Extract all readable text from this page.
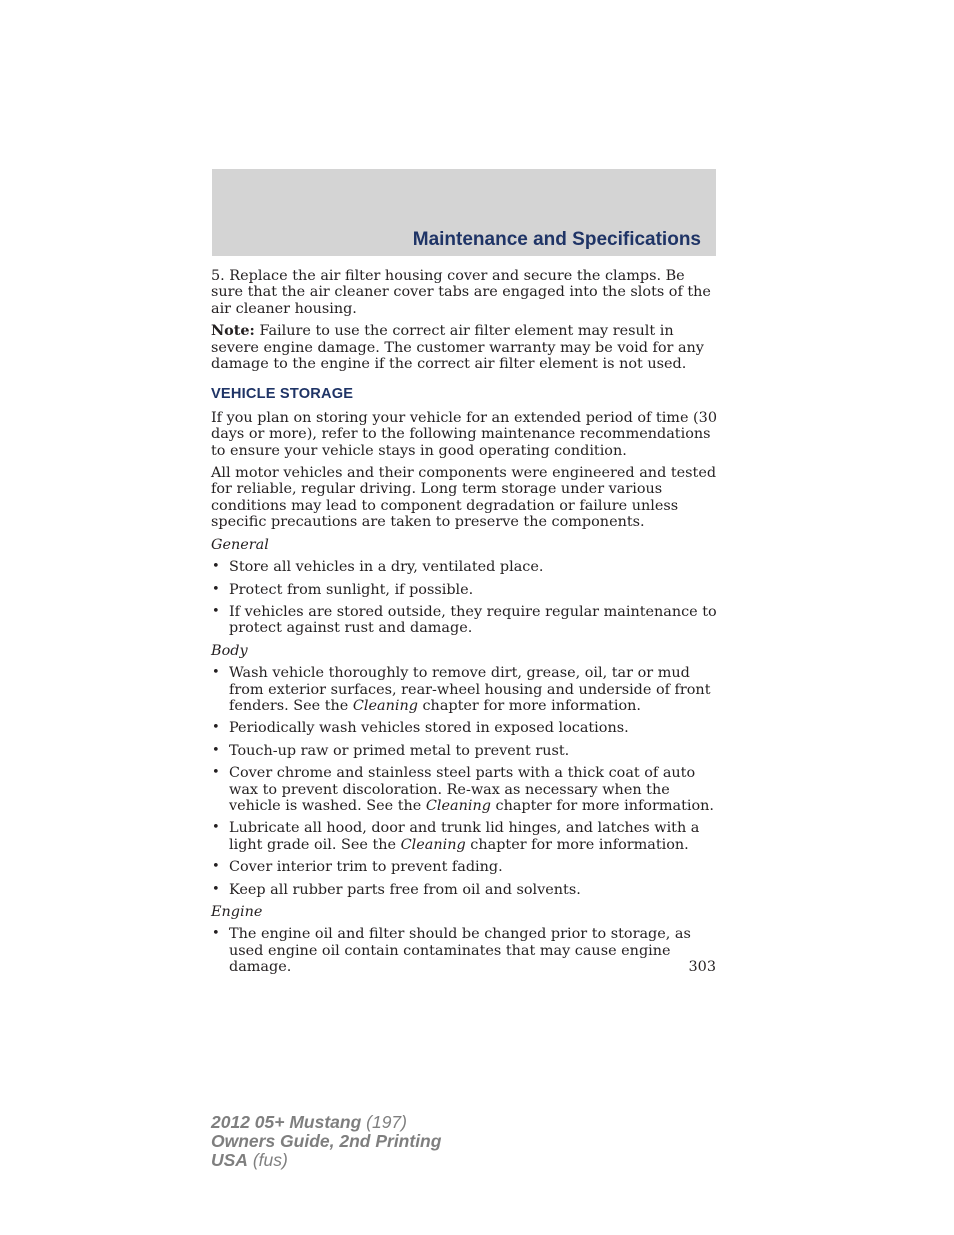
Maintenance and Specifications

5. Replace the air filter housing cover and secure the clamps. Be sure that the air cleaner cover tabs are engaged into the slots of the air cleaner housing.

Note: Failure to use the correct air filter element may result in severe engine damage. The customer warranty may be void for any damage to the engine if the correct air filter element is not used.

VEHICLE STORAGE

If you plan on storing your vehicle for an extended period of time (30 days or more), refer to the following maintenance recommendations to ensure your vehicle stays in good operating condition.

All motor vehicles and their components were engineered and tested for reliable, regular driving. Long term storage under various conditions may lead to component degradation or failure unless specific precautions are taken to preserve the components.

General

• Store all vehicles in a dry, ventilated place.
• Protect from sunlight, if possible.
• If vehicles are stored outside, they require regular maintenance to protect against rust and damage.

Body

• Wash vehicle thoroughly to remove dirt, grease, oil, tar or mud from exterior surfaces, rear-wheel housing and underside of front fenders. See the Cleaning chapter for more information.
• Periodically wash vehicles stored in exposed locations.
• Touch-up raw or primed metal to prevent rust.
• Cover chrome and stainless steel parts with a thick coat of auto wax to prevent discoloration. Re-wax as necessary when the vehicle is washed. See the Cleaning chapter for more information.
• Lubricate all hood, door and trunk lid hinges, and latches with a light grade oil. See the Cleaning chapter for more information.
• Cover interior trim to prevent fading.
• Keep all rubber parts free from oil and solvents.

Engine

• The engine oil and filter should be changed prior to storage, as used engine oil contain contaminates that may cause engine damage.	303
2012 05+ Mustang (197)
Owners Guide, 2nd Printing
USA (fus)
